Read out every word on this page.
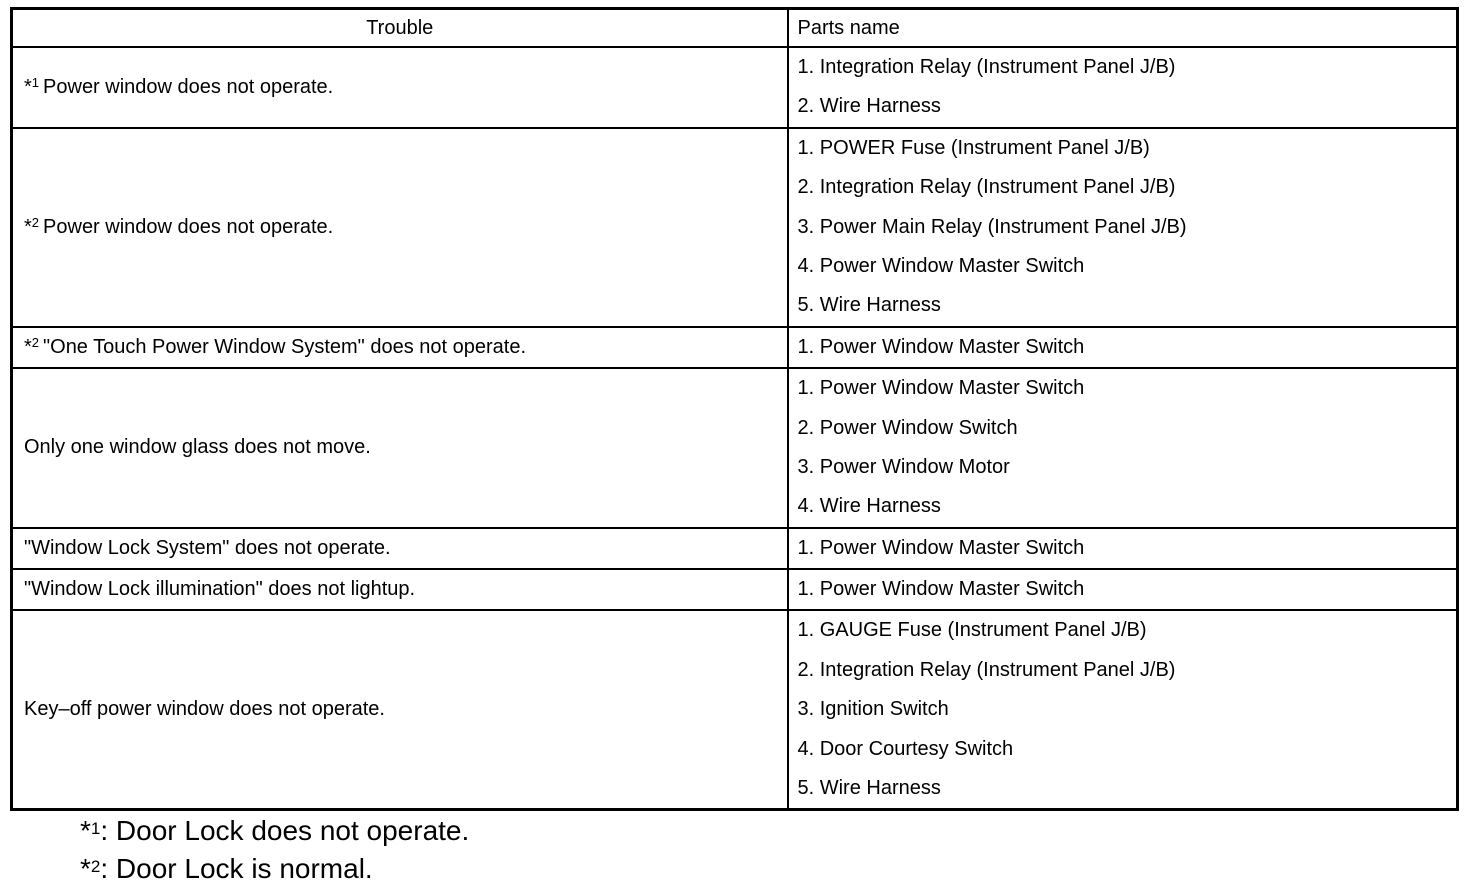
Trouble	Parts name
*$^1$ Power window does not operate.	1. Integration Relay (Instrument Panel J/B)
2. Wire Harness

*$^2$ Power window does not operate.	1. POWER Fuse (Instrument Panel J/B)
2. Integration Relay (Instrument Panel J/B)
3. Power Main Relay (Instrument Panel J/B)
4. Power Window Master Switch
5. Wire Harness

*$^2$ "One Touch Power Window System" does not operate.	1. Power Window Master Switch

Only one window glass does not move.	1. Power Window Master Switch
2. Power Window Switch
3. Power Window Motor
4. Wire Harness

"Window Lock System" does not operate.	1. Power Window Master Switch

"Window Lock illumination" does not lightup.	1. Power Window Master Switch

Key–off power window does not operate.	1. GAUGE Fuse (Instrument Panel J/B)
2. Integration Relay (Instrument Panel J/B)
3. Ignition Switch
4. Door Courtesy Switch
5. Wire Harness
*$^1$: Door Lock does not operate.
*$^2$: Door Lock is normal.
